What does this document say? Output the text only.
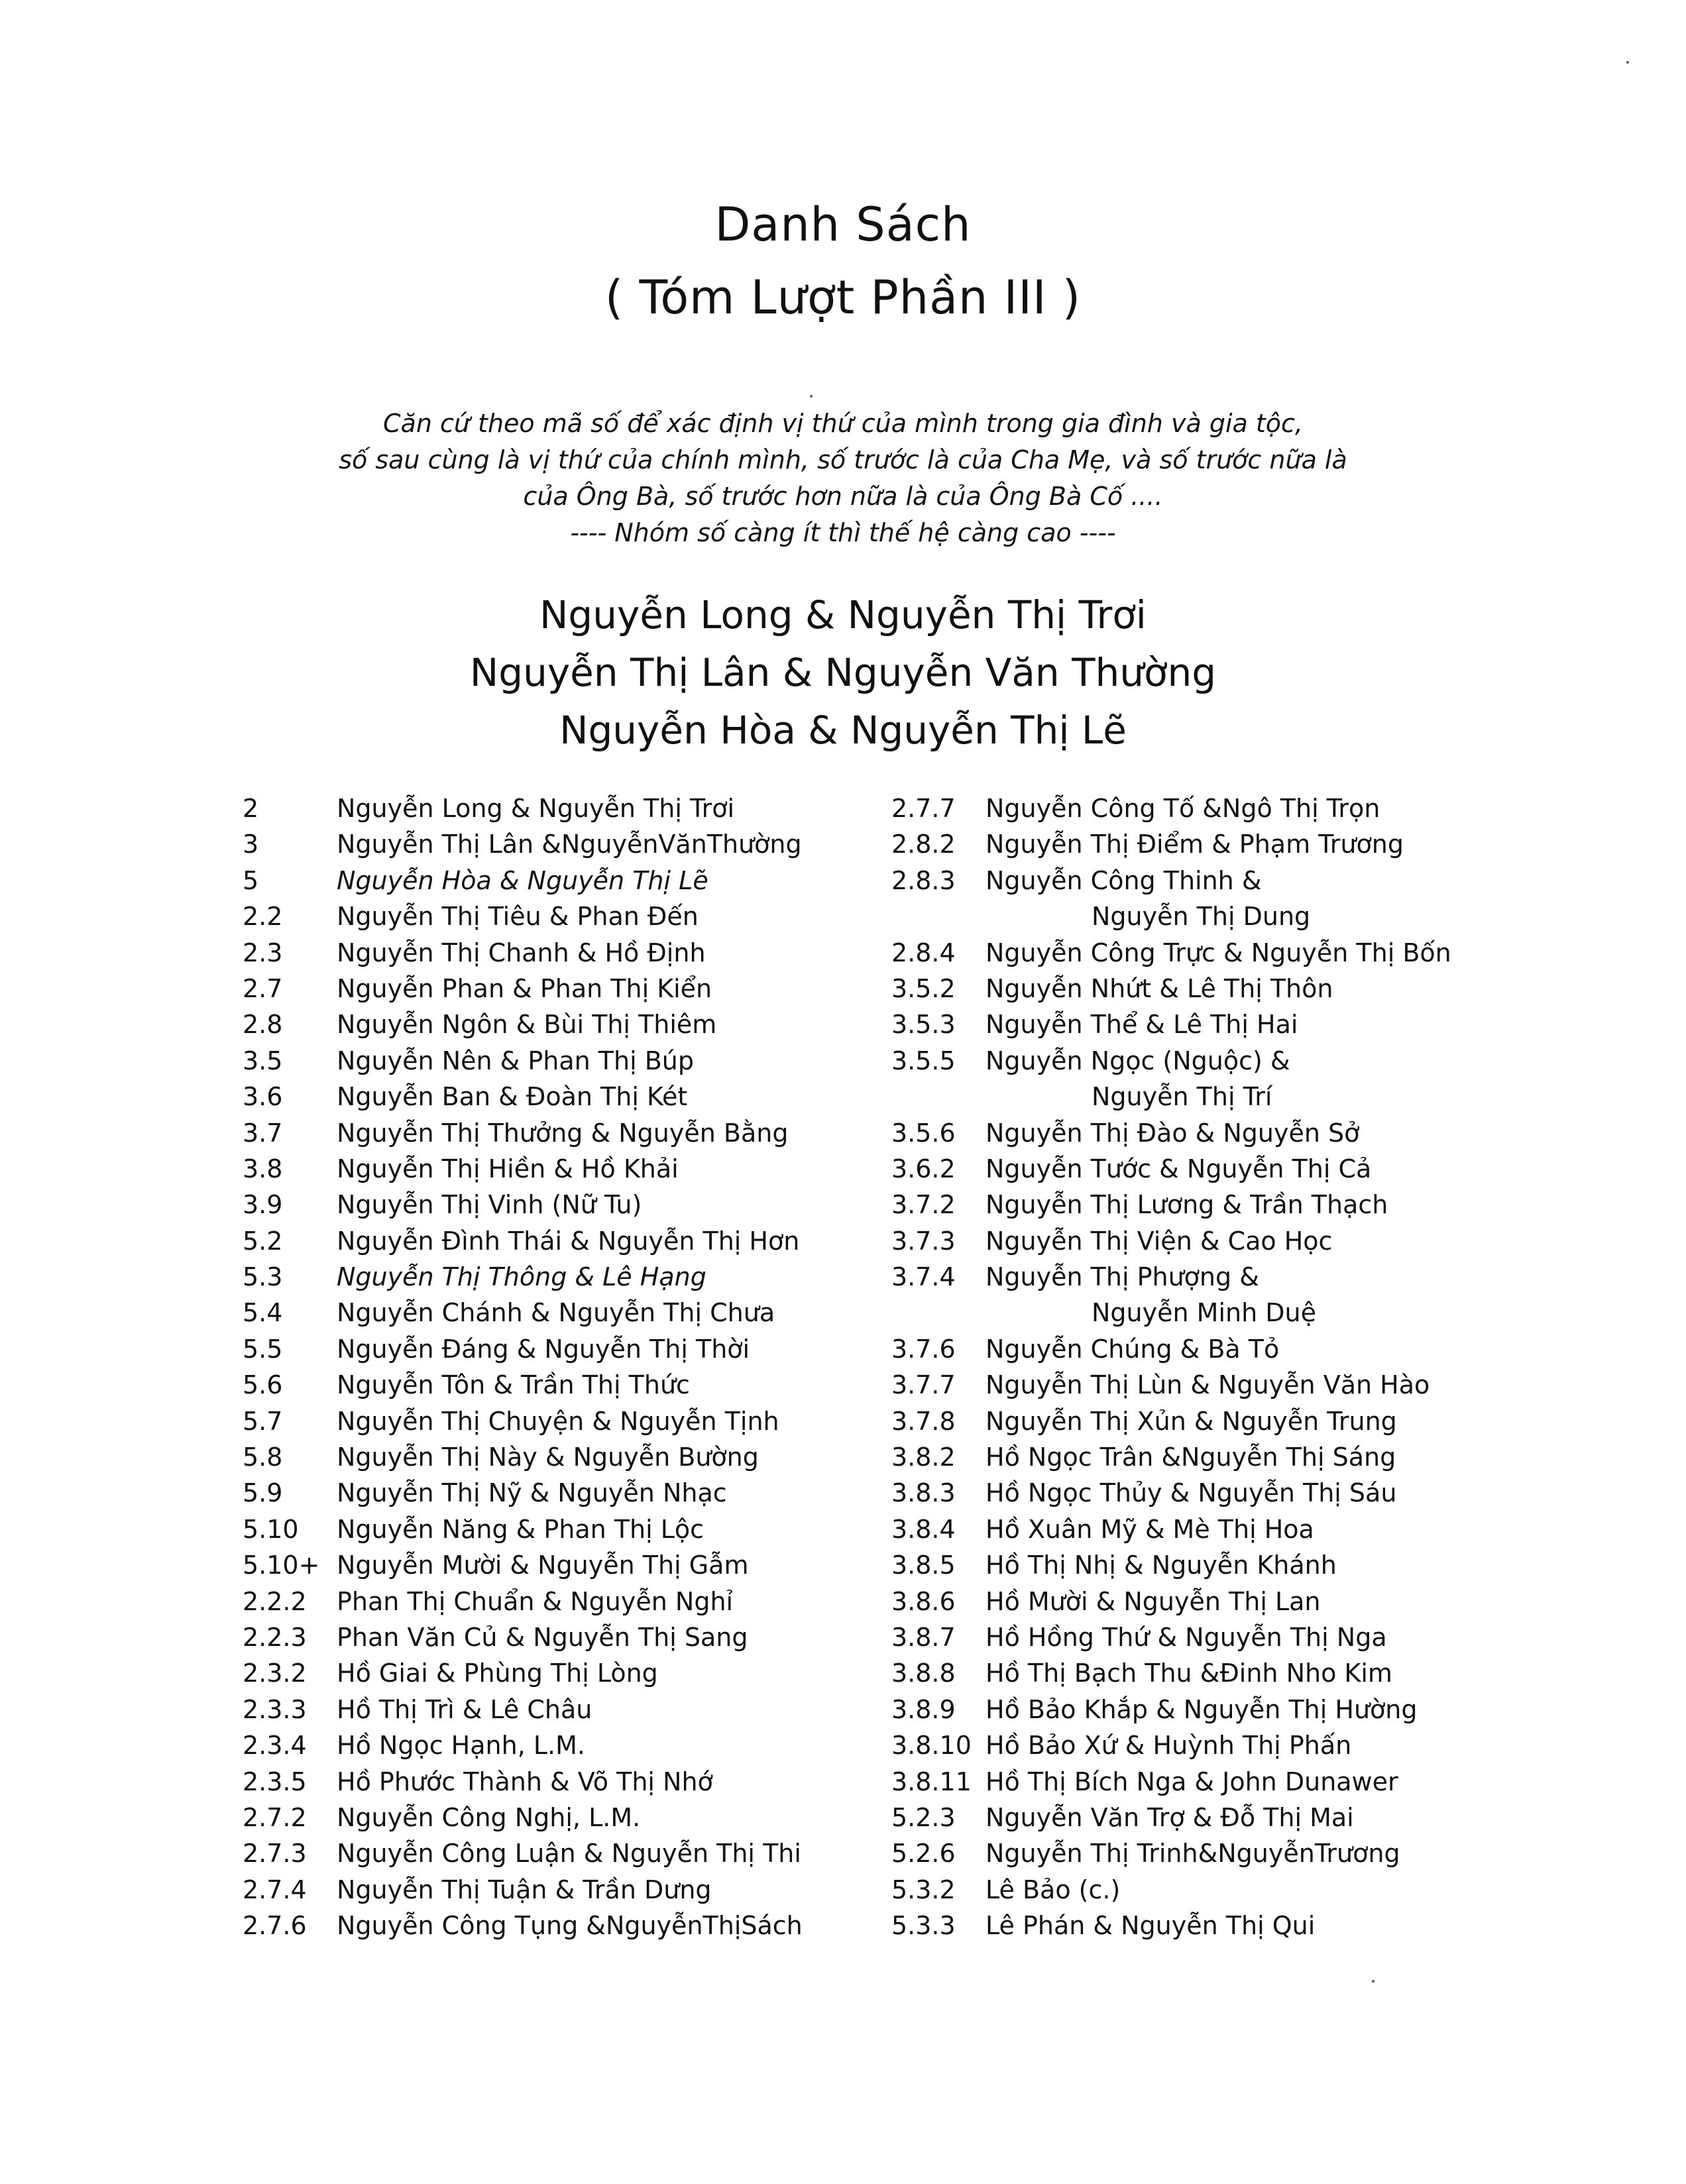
Danh Sách
( Tóm Lượt Phần III )
Căn cứ theo mã số để xác định vị thứ của mình trong gia đình và gia tộc,
số sau cùng là vị thứ của chính mình, số trước là của Cha Mẹ, và số trước nữa là
của Ông Bà, số trước hơn nữa là của Ông Bà Cố ....
---- Nhóm số càng ít thì thế hệ càng cao ----
Nguyễn Long & Nguyễn Thị Trơi
Nguyễn Thị Lân & Nguyễn Văn Thường
Nguyễn Hòa & Nguyễn Thị Lẽ
2	Nguyễn Long & Nguyễn Thị Trơi
3	Nguyễn Thị Lân &NguyễnVănThường
5	Nguyễn Hòa & Nguyễn Thị Lẽ
2.2 Nguyễn Thị Tiêu & Phan Đến
2.3 Nguyễn Thị Chanh & Hồ Định
2.7 Nguyễn Phan & Phan Thị Kiển
2.8 Nguyễn Ngôn & Bùi Thị Thiêm
3.5 Nguyễn Nên & Phan Thị Búp
3.6 Nguyễn Ban & Đoàn Thị Két
3.7 Nguyễn Thị Thưởng & Nguyễn Bằng
3.8 Nguyễn Thị Hiền & Hồ Khải
3.9 Nguyễn Thị Vinh (Nữ Tu)
5.2 Nguyễn Đình Thái & Nguyễn Thị Hơn
5.3 Nguyễn Thị Thông & Lê Hạng
5.4 Nguyễn Chánh & Nguyễn Thị Chưa
5.5 Nguyễn Đáng & Nguyễn Thị Thời
5.6 Nguyễn Tôn & Trần Thị Thức
5.7 Nguyễn Thị Chuyện & Nguyễn Tịnh
5.8 Nguyễn Thị Này & Nguyễn Bường
5.9 Nguyễn Thị Nỹ & Nguyễn Nhạc
5.10 Nguyễn Năng & Phan Thị Lộc
5.10+ Nguyễn Mười & Nguyễn Thị Gẫm
2.2.2 Phan Thị Chuẩn & Nguyễn Nghỉ
2.2.3 Phan Văn Củ & Nguyễn Thị Sang
2.3.2 Hồ Giai & Phùng Thị Lòng
2.3.3 Hồ Thị Trì & Lê Châu
2.3.4 Hồ Ngọc Hạnh, L.M.
2.3.5 Hồ Phước Thành & Võ Thị Nhớ
2.7.2 Nguyễn Công Nghị, L.M.
2.7.3 Nguyễn Công Luận & Nguyễn Thị Thi
2.7.4 Nguyễn Thị Tuận & Trần Dưng
2.7.6 Nguyễn Công Tụng &NguyễnThịSách
2.7.7 Nguyễn Công Tố &Ngô Thị Trọn
2.8.2 Nguyễn Thị Điểm & Phạm Trương
2.8.3 Nguyễn Công Thinh &
Nguyễn Thị Dung
2.8.4 Nguyễn Công Trực & Nguyễn Thị Bốn
3.5.2 Nguyễn Nhứt & Lê Thị Thôn
3.5.3 Nguyễn Thể & Lê Thị Hai
3.5.5 Nguyễn Ngọc (Nguộc) &
Nguyễn Thị Trí
3.5.6 Nguyễn Thị Đào & Nguyễn Sở
3.6.2 Nguyễn Tước & Nguyễn Thị Cả
3.7.2 Nguyễn Thị Lương & Trần Thạch
3.7.3 Nguyễn Thị Viện & Cao Học
3.7.4 Nguyễn Thị Phượng &
Nguyễn Minh Duệ
3.7.6 Nguyễn Chúng & Bà Tỏ
3.7.7 Nguyễn Thị Lùn & Nguyễn Văn Hào
3.7.8 Nguyễn Thị Xủn & Nguyễn Trung
3.8.2 Hồ Ngọc Trân &Nguyễn Thị Sáng
3.8.3 Hồ Ngọc Thủy & Nguyễn Thị Sáu
3.8.4 Hồ Xuân Mỹ & Mè Thị Hoa
3.8.5 Hồ Thị Nhị & Nguyễn Khánh
3.8.6 Hồ Mười & Nguyễn Thị Lan
3.8.7 Hồ Hồng Thứ & Nguyễn Thị Nga
3.8.8 Hồ Thị Bạch Thu &Đinh Nho Kim
3.8.9 Hồ Bảo Khắp & Nguyễn Thị Hường
3.8.10 Hồ Bảo Xứ & Huỳnh Thị Phấn
3.8.11 Hồ Thị Bích Nga & John Dunawer
5.2.3 Nguyễn Văn Trợ & Đỗ Thị Mai
5.2.6 Nguyễn Thị Trinh&NguyễnTrương
5.3.2 Lê Bảo (c.)
5.3.3 Lê Phán & Nguyễn Thị Qui
